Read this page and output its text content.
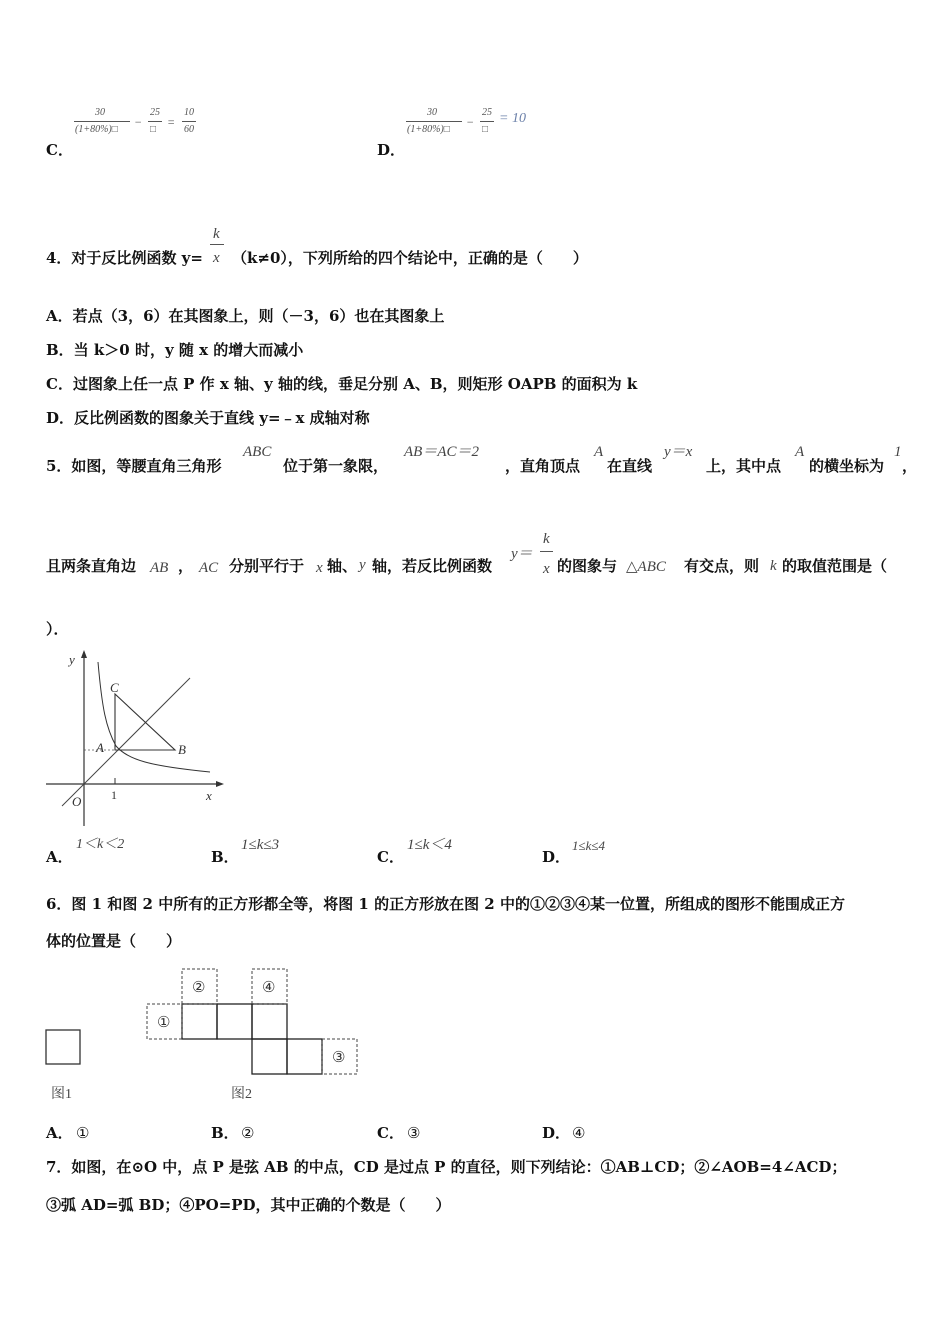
C．
30
(1+80%)□
−
25
□
=
10
60
D．
30
(1+80%)□
−
25
□
= 10
4．对于反比例函数 y=
k
x （k≠0），下列所给的四个结论中，正确的是（　　）
A．若点（3，6）在其图象上，则（－3，6）也在其图象上
B．当 k＞0 时，y 随 x 的增大而减小
C．过图象上任一点 P 作 x 轴、y 轴的线，垂足分别 A、B，则矩形 OAPB 的面积为 k
D．反比例函数的图象关于直线 y=﹣x 成轴对称
5．如图，等腰直角三角形
ABC
位于第一象限，
AB＝AC＝2
，直角顶点
A
在直线
y＝x
上，其中点
A
的横坐标为
1
，
且两条直角边 AB ， AC 分别平行于 x 轴、 y 轴，若反比例函数
y＝
k
x 的图象与 △ABC 有交点，则 k 的取值范围是（
）．
y
C
A	B
O 1	x
A．
1＜k＜2
B．
1≤k≤3
C．
1≤k＜4
D．
1≤k≤4
6．图 1 和图 2 中所有的正方形都全等，将图 1 的正方形放在图 2 中的①②③④某一位置，所组成的图形不能围成正方
体的位置是（　　）
图1
①
②
③
④
图2
A． ①	B． ②	C． ③	D． ④
7．如图，在⊙O 中，点 P 是弦 AB 的中点，CD 是过点 P 的直径，则下列结论：①AB⊥CD；②∠AOB=4∠ACD；
③弧 AD=弧 BD；④PO=PD，其中正确的个数是（　　）
